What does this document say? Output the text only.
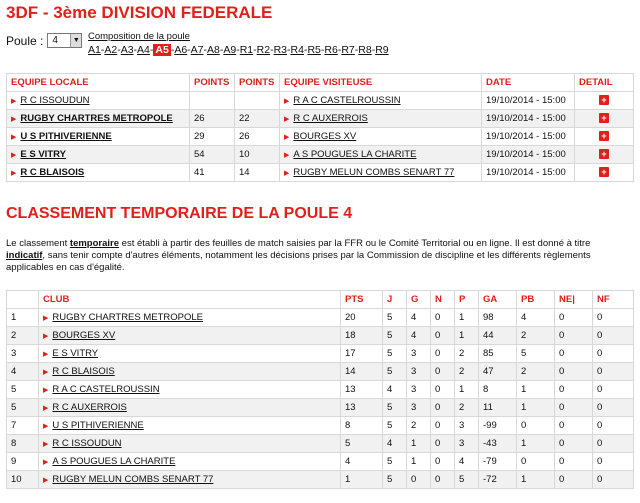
3DF - 3ème DIVISION FEDERALE
Poule : 4	▼ Composition de la poule
A1 - A2 - A3 - A4 - A5 - A6 - A7 - A8 - A9 - R1 - R2 - R3 - R4 - R5 - R6 - R7 - R8 - R9
EQUIPE LOCALE	POINTS	POINTS	EQUIPE VISITEUSE	DATE	DETAIL
▶ R C ISSOUDUN			▶ R A C CASTELROUSSIN	19/10/2014 - 15:00	+
▶ RUGBY CHARTRES METROPOLE	26	22	▶ R C AUXERROIS	19/10/2014 - 15:00	+
▶ U S PITHIVERIENNE	29	26	▶ BOURGES XV	19/10/2014 - 15:00	+
▶ E S VITRY	54	10	▶ A S POUGUES LA CHARITE	19/10/2014 - 15:00	+
▶ R C BLAISOIS	41	14	▶ RUGBY MELUN COMBS SENART 77	19/10/2014 - 15:00	+
CLASSEMENT TEMPORAIRE DE LA POULE 4
Le classement temporaire est établi à partir des feuilles de match saisies par la FFR ou le Comité Territorial ou en ligne. Il est donné à titre indicatif, sans tenir compte d'autres éléments, notamment les décisions prises par la Commission de discipline et les différents règlements applicables en cas d'égalité.
	CLUB	PTS	J	G	N	P	GA	PB	NE|	NF
1	▶ RUGBY CHARTRES METROPOLE	20	5	4	0	1	98	4	0	0
2	▶ BOURGES XV	18	5	4	0	1	44	2	0	0
3	▶ E S VITRY	17	5	3	0	2	85	5	0	0
4	▶ R C BLAISOIS	14	5	3	0	2	47	2	0	0
5	▶ R A C CASTELROUSSIN	13	4	3	0	1	8	1	0	0
5	▶ R C AUXERROIS	13	5	3	0	2	11	1	0	0
7	▶ U S PITHIVERIENNE	8	5	2	0	3	-99	0	0	0
8	▶ R C ISSOUDUN	5	4	1	0	3	-43	1	0	0
9	▶ A S POUGUES LA CHARITE	4	5	1	0	4	-79	0	0	0
10	▶ RUGBY MELUN COMBS SENART 77	1	5	0	0	5	-72	1	0	0
